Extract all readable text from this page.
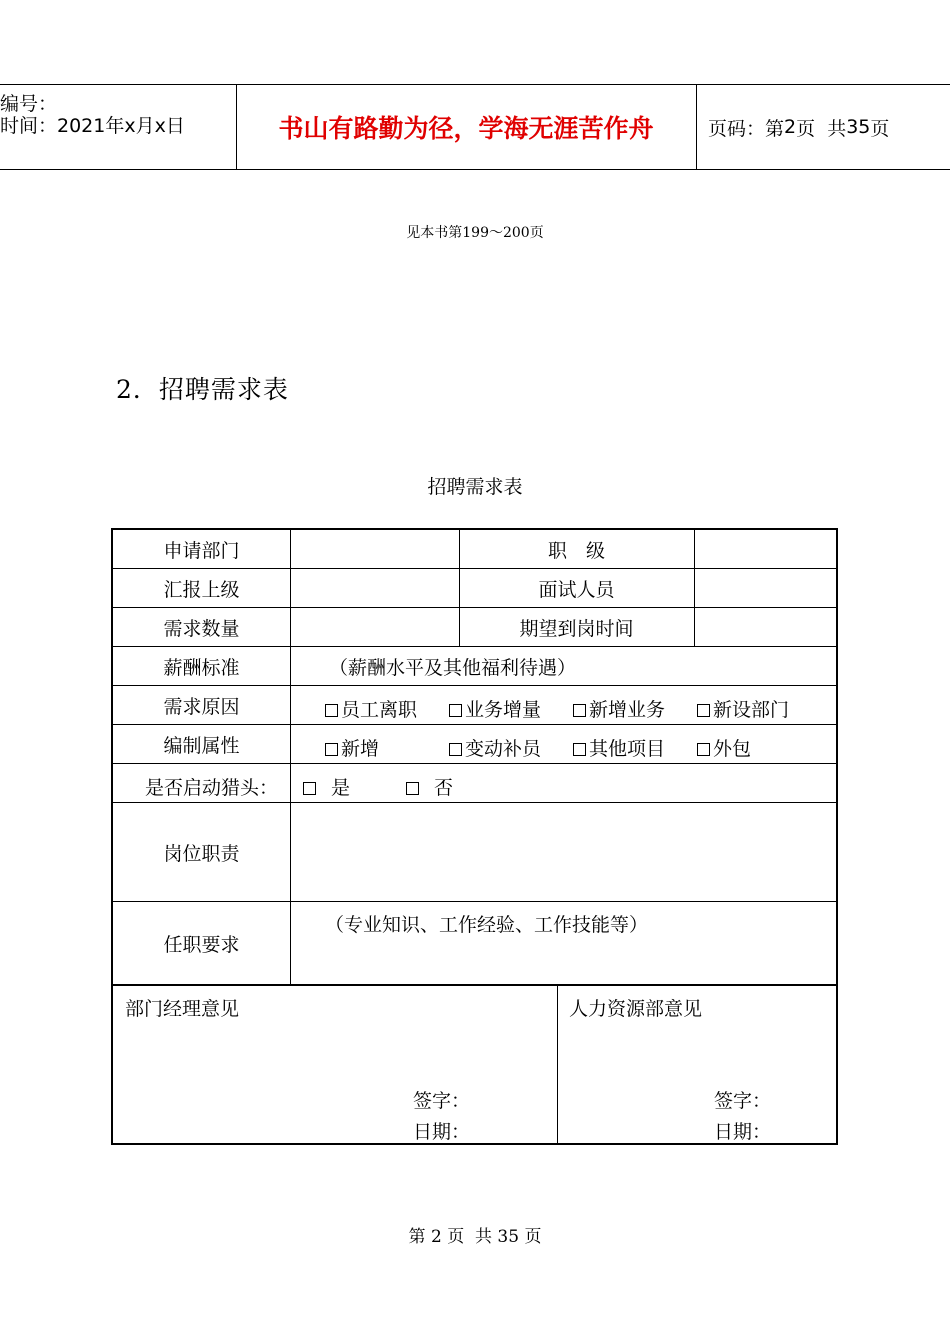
编号：
时间：2021年x月x日	书山有路勤为径，学海无涯苦作舟	页码：第 2 页  共 35 页
见本书第199～200页
2．招聘需求表
招聘需求表
申请部门	职　级
汇报上级	面试人员
需求数量	期望到岗时间
薪酬标准	（薪酬水平及其他福利待遇）
需求原因	员工离职	业务增量	新增业务	新设部门
编制属性	新增	变动补员	其他项目	外包
是否启动猎头：	是	否
岗位职责
任职要求
（专业知识、工作经验、工作技能等）
部门经理意见
签字：
日期：
人力资源部意见
签字：
日期：
第 2 页  共 35 页
